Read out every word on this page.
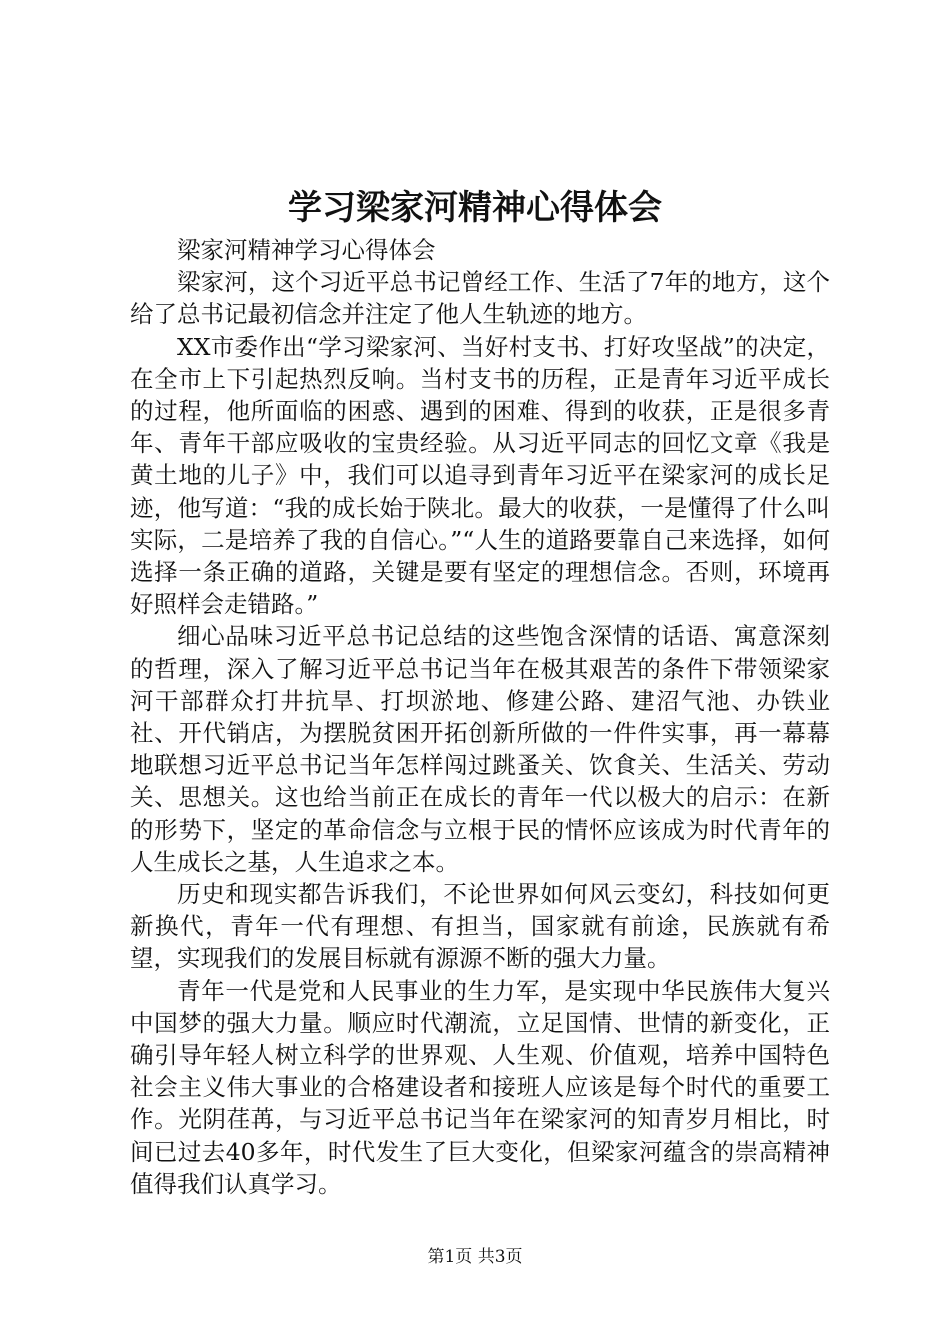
学习梁家河精神心得体会

梁家河精神学习心得体会

梁家河，这个习近平总书记曾经工作、生活了7年的地方，这个给了总书记最初信念并注定了他人生轨迹的地方。

XX市委作出“学习梁家河、当好村支书、打好攻坚战”的决定，在全市上下引起热烈反响。当村支书的历程，正是青年习近平成长的过程，他所面临的困惑、遇到的困难、得到的收获，正是很多青年、青年干部应吸收的宝贵经验。从习近平同志的回忆文章《我是黄土地的儿子》中，我们可以追寻到青年习近平在梁家河的成长足迹，他写道：“我的成长始于陕北。最大的收获，一是懂得了什么叫实际，二是培养了我的自信心。”“人生的道路要靠自己来选择，如何选择一条正确的道路，关键是要有坚定的理想信念。否则，环境再好照样会走错路。”

细心品味习近平总书记总结的这些饱含深情的话语、寓意深刻的哲理，深入了解习近平总书记当年在极其艰苦的条件下带领梁家河干部群众打井抗旱、打坝淤地、修建公路、建沼气池、办铁业社、开代销店，为摆脱贫困开拓创新所做的一件件实事，再一幕幕地联想习近平总书记当年怎样闯过跳蚤关、饮食关、生活关、劳动关、思想关。这也给当前正在成长的青年一代以极大的启示：在新的形势下，坚定的革命信念与立根于民的情怀应该成为时代青年的人生成长之基，人生追求之本。

历史和现实都告诉我们，不论世界如何风云变幻，科技如何更新换代，青年一代有理想、有担当，国家就有前途，民族就有希望，实现我们的发展目标就有源源不断的强大力量。

青年一代是党和人民事业的生力军，是实现中华民族伟大复兴中国梦的强大力量。顺应时代潮流，立足国情、世情的新变化，正确引导年轻人树立科学的世界观、人生观、价值观，培养中国特色社会主义伟大事业的合格建设者和接班人应该是每个时代的重要工作。光阴荏苒，与习近平总书记当年在梁家河的知青岁月相比，时间已过去40多年，时代发生了巨大变化，但梁家河蕴含的崇高精神值得我们认真学习。

第1页 共3页
